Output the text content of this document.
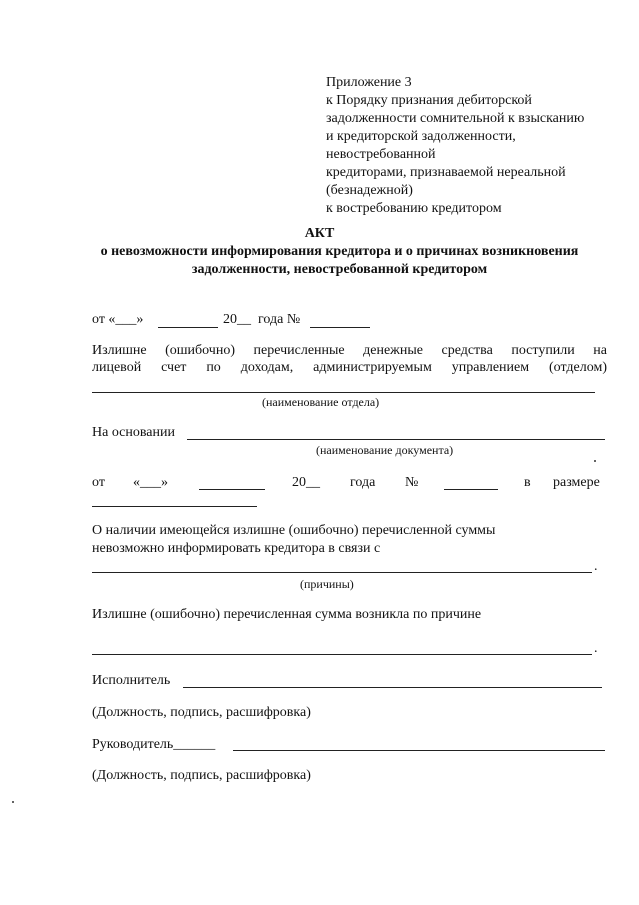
Приложение 3
к Порядку признания дебиторской
задолженности сомнительной к взысканию
и кредиторской задолженности,
невостребованной
кредиторами, признаваемой нереальной
(безнадежной)
к востребованию кредитором
АКТ
о невозможности информирования кредитора и о причинах возникновения
задолженности, невостребованной кредитором
от «___»	20__ года №
Излишне (ошибочно) перечисленные денежные средства поступили на
лицевой счет по доходам, администрируемым управлением (отделом)
(наименование отдела)
На основании
(наименование документа)
от «___»	20__ года №	в размере
О наличии имеющейся излишне (ошибочно) перечисленной суммы
невозможно информировать кредитора в связи с
.
(причины)
Излишне (ошибочно) перечисленная сумма возникла по причине
.
Исполнитель
(Должность, подпись, расшифровка)
Руководитель______
(Должность, подпись, расшифровка)
